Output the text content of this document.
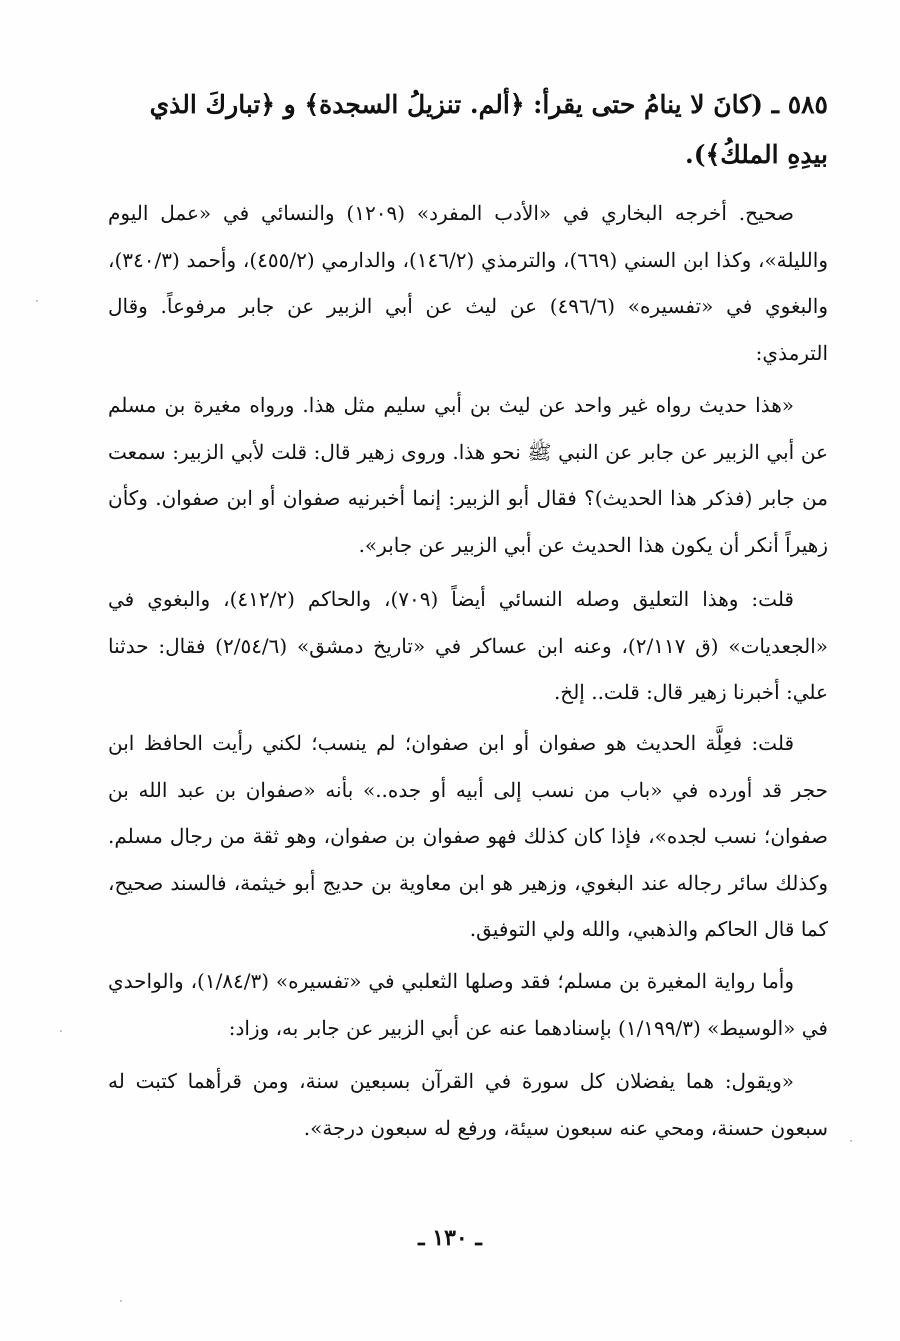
٥٨٥ ـ (كانَ لا ينامُ حتى يقرأ: ﴿ألم. تنزيلُ السجدة﴾ و ﴿تباركَ الذي
بيدِهِ الملكُ﴾).

صحيح. أخرجه البخاري في «الأدب المفرد» (١٢٠٩) والنسائي في «عمل اليوم والليلة»، وكذا ابن السني (٦٦٩)، والترمذي (١٤٦/٢)، والدارمي (٤٥٥/٢)، وأحمد (٣٤٠/٣)، والبغوي في «تفسيره» (٤٩٦/٦) عن ليث عن أبي الزبير عن جابر مرفوعاً. وقال الترمذي:

«هذا حديث رواه غير واحد عن ليث بن أبي سليم مثل هذا. ورواه مغيرة بن مسلم عن أبي الزبير عن جابر عن النبي ﷺ نحو هذا. وروى زهير قال: قلت لأبي الزبير: سمعت من جابر (فذكر هذا الحديث)؟ فقال أبو الزبير: إنما أخبرنيه صفوان أو ابن صفوان. وكأن زهيراً أنكر أن يكون هذا الحديث عن أبي الزبير عن جابر».

قلت: وهذا التعليق وصله النسائي أيضاً (٧٠٩)، والحاكم (٤١٢/٢)، والبغوي في «الجعديات» (ق ٢/١١٧)، وعنه ابن عساكر في «تاريخ دمشق» (٢/٥٤/٦) فقال: حدثنا علي: أخبرنا زهير قال: قلت.. إلخ.

قلت: فعِلَّة الحديث هو صفوان أو ابن صفوان؛ لم ينسب؛ لكني رأيت الحافظ ابن حجر قد أورده في «باب من نسب إلى أبيه أو جده..» بأنه «صفوان بن عبد الله بن صفوان؛ نسب لجده»، فإذا كان كذلك فهو صفوان بن صفوان، وهو ثقة من رجال مسلم. وكذلك سائر رجاله عند البغوي، وزهير هو ابن معاوية بن حديج أبو خيثمة، فالسند صحيح، كما قال الحاكم والذهبي، والله ولي التوفيق.

وأما رواية المغيرة بن مسلم؛ فقد وصلها الثعلبي في «تفسيره» (١/٨٤/٣)، والواحدي في «الوسيط» (١/١٩٩/٣) بإسنادهما عنه عن أبي الزبير عن جابر به، وزاد:

«ويقول: هما يفضلان كل سورة في القرآن بسبعين سنة، ومن قرأهما كتبت له سبعون حسنة، ومحي عنه سبعون سيئة، ورفع له سبعون درجة».

ـ ١٣٠ ـ
